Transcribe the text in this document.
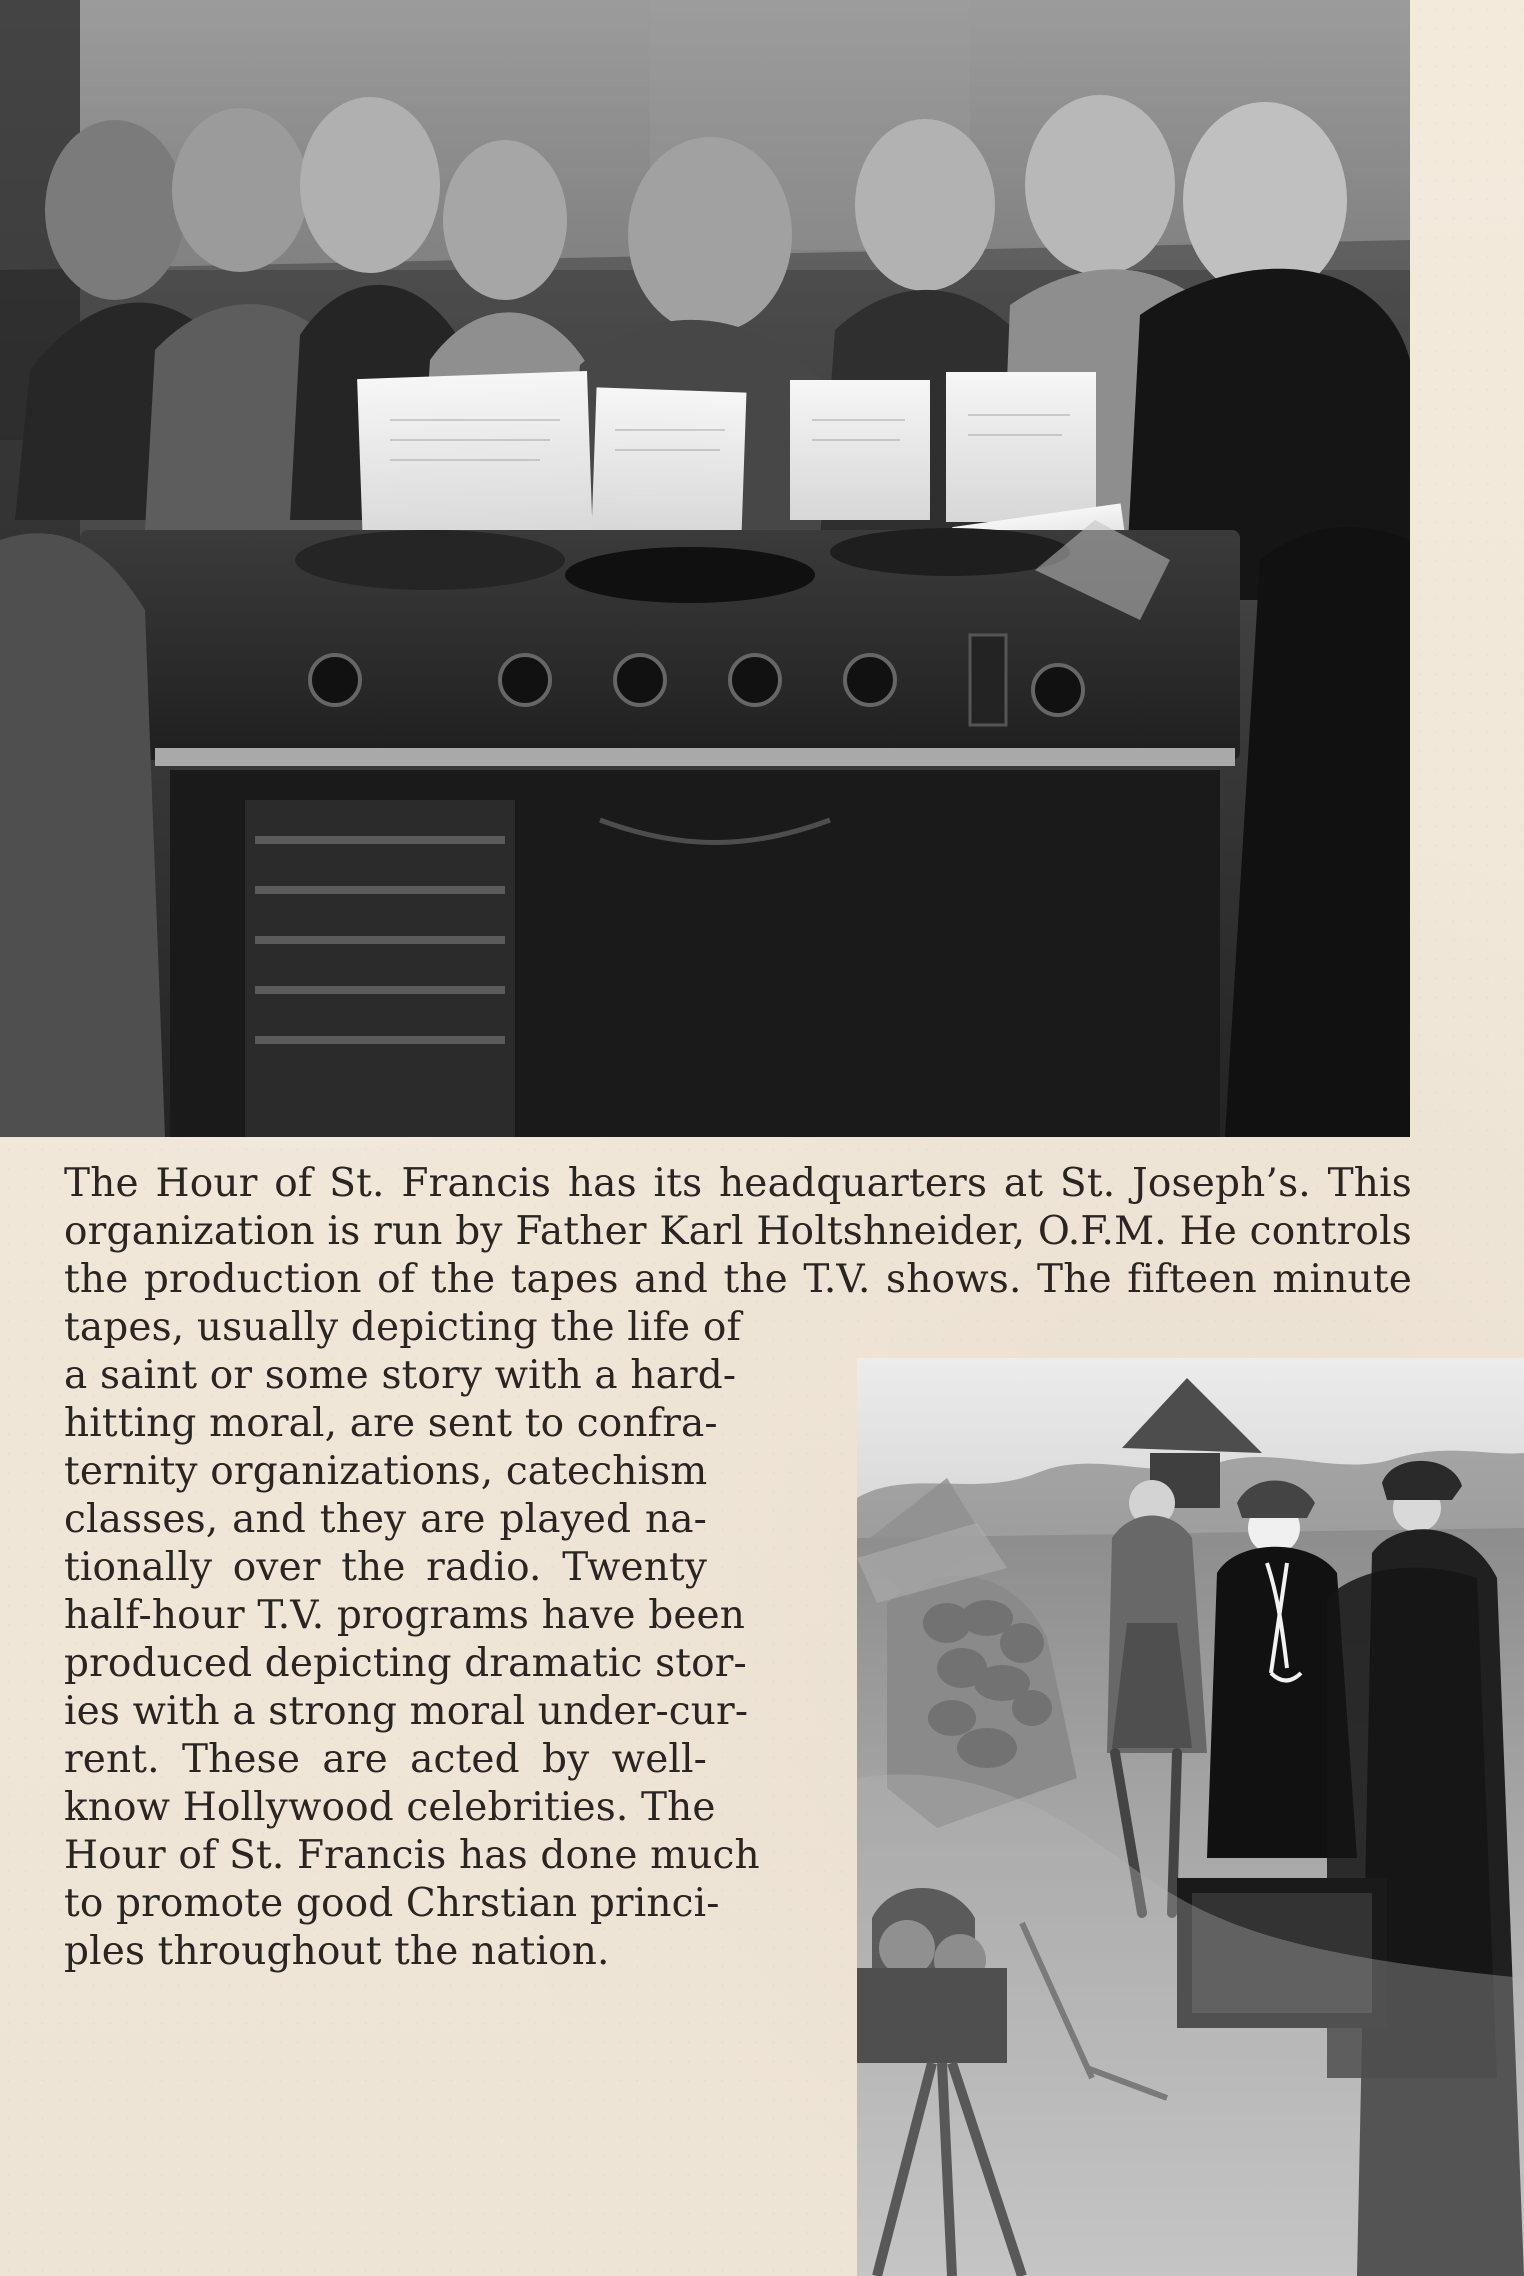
The Hour of St. Francis has its headquarters at St. Joseph’s. This
organization is run by Father Karl Holtshneider, O.F.M. He controls
the production of the tapes and the T.V. shows. The fifteen minute
tapes, usually depicting the life of
a saint or some story with a hard-
hitting moral, are sent to confra-
ternity organizations, catechism
classes, and they are played na-
tionally over the radio. Twenty
half-hour T.V. programs have been
produced depicting dramatic stor-
ies with a strong moral under-cur-
rent. These are acted by well-
know Hollywood celebrities. The
Hour of St. Francis has done much
to promote good Chrstian princi-
ples throughout the nation.
